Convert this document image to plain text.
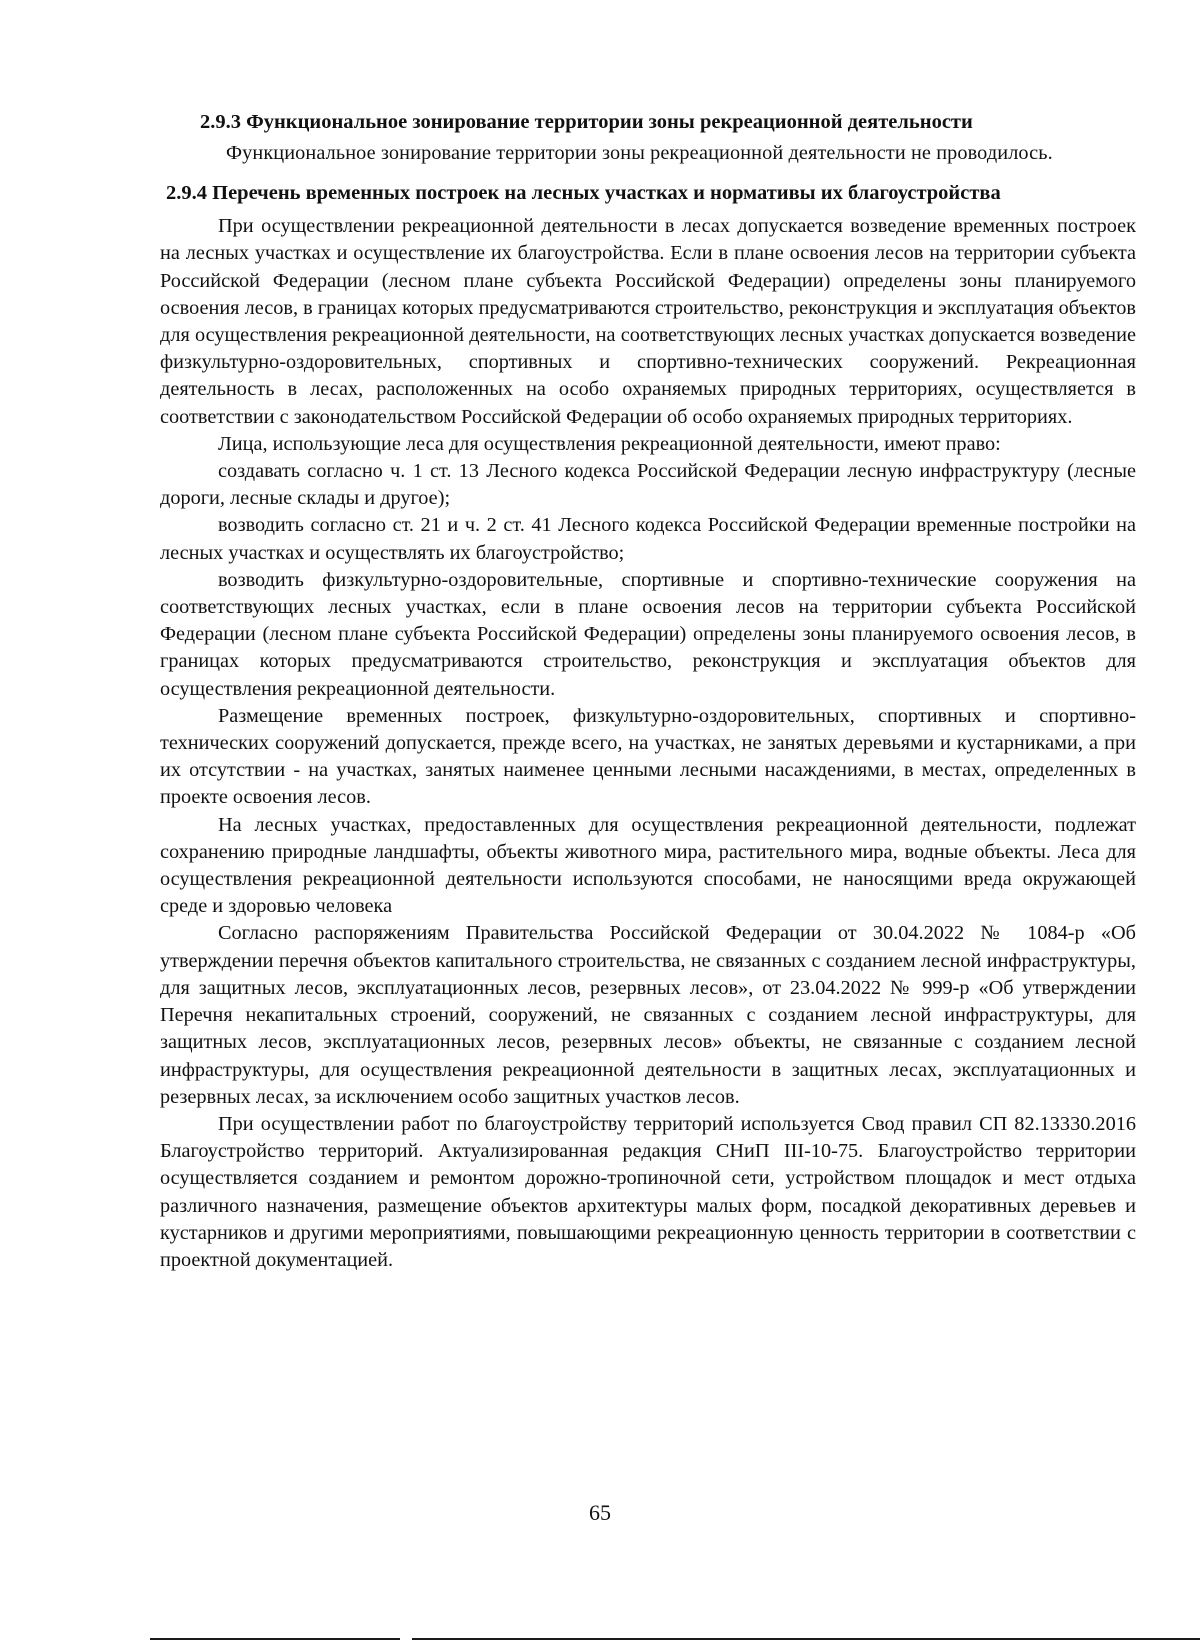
2.9.3 Функциональное зонирование территории зоны рекреационной деятельности

Функциональное зонирование территории зоны рекреационной деятельности не проводилось.

2.9.4 Перечень временных построек на лесных участках и нормативы их благоустройства

При осуществлении рекреационной деятельности в лесах допускается возведение временных построек на лесных участках и осуществление их благоустройства. Если в плане освоения лесов на территории субъекта Российской Федерации (лесном плане субъекта Российской Федерации) определены зоны планируемого освоения лесов, в границах которых предусматриваются строительство, реконструкция и эксплуатация объектов для осуществления рекреационной деятельности, на соответствующих лесных участках допускается возведение физкультурно-оздоровительных, спортивных и спортивно-технических сооружений. Рекреационная деятельность в лесах, расположенных на особо охраняемых природных территориях, осуществляется в соответствии с законодательством Российской Федерации об особо охраняемых природных территориях.

Лица, использующие леса для осуществления рекреационной деятельности, имеют право:

создавать согласно ч. 1 ст. 13 Лесного кодекса Российской Федерации лесную инфраструктуру (лесные дороги, лесные склады и другое);

возводить согласно ст. 21 и ч. 2 ст. 41 Лесного кодекса Российской Федерации временные постройки на лесных участках и осуществлять их благоустройство;

возводить физкультурно-оздоровительные, спортивные и спортивно-технические сооружения на соответствующих лесных участках, если в плане освоения лесов на территории субъекта Российской Федерации (лесном плане субъекта Российской Федерации) определены зоны планируемого освоения лесов, в границах которых предусматриваются строительство, реконструкция и эксплуатация объектов для осуществления рекреационной деятельности.

Размещение временных построек, физкультурно-оздоровительных, спортивных и спортивно-технических сооружений допускается, прежде всего, на участках, не занятых деревьями и кустарниками, а при их отсутствии - на участках, занятых наименее ценными лесными насаждениями, в местах, определенных в проекте освоения лесов.

На лесных участках, предоставленных для осуществления рекреационной деятельности, подлежат сохранению природные ландшафты, объекты животного мира, растительного мира, водные объекты. Леса для осуществления рекреационной деятельности используются способами, не наносящими вреда окружающей среде и здоровью человека

Согласно распоряжениям Правительства Российской Федерации от 30.04.2022 № 1084-р «Об утверждении перечня объектов капитального строительства, не связанных с созданием лесной инфраструктуры, для защитных лесов, эксплуатационных лесов, резервных лесов», от 23.04.2022 № 999-р «Об утверждении Перечня некапитальных строений, сооружений, не связанных с созданием лесной инфраструктуры, для защитных лесов, эксплуатационных лесов, резервных лесов» объекты, не связанные с созданием лесной инфраструктуры, для осуществления рекреационной деятельности в защитных лесах, эксплуатационных и резервных лесах, за исключением особо защитных участков лесов.

При осуществлении работ по благоустройству территорий используется Свод правил СП 82.13330.2016 Благоустройство территорий. Актуализированная редакция СНиП III-10-75. Благоустройство территории осуществляется созданием и ремонтом дорожно-тропиночной сети, устройством площадок и мест отдыха различного назначения, размещение объектов архитектуры малых форм, посадкой декоративных деревьев и кустарников и другими мероприятиями, повышающими рекреационную ценность территории в соответствии с проектной документацией.

65
